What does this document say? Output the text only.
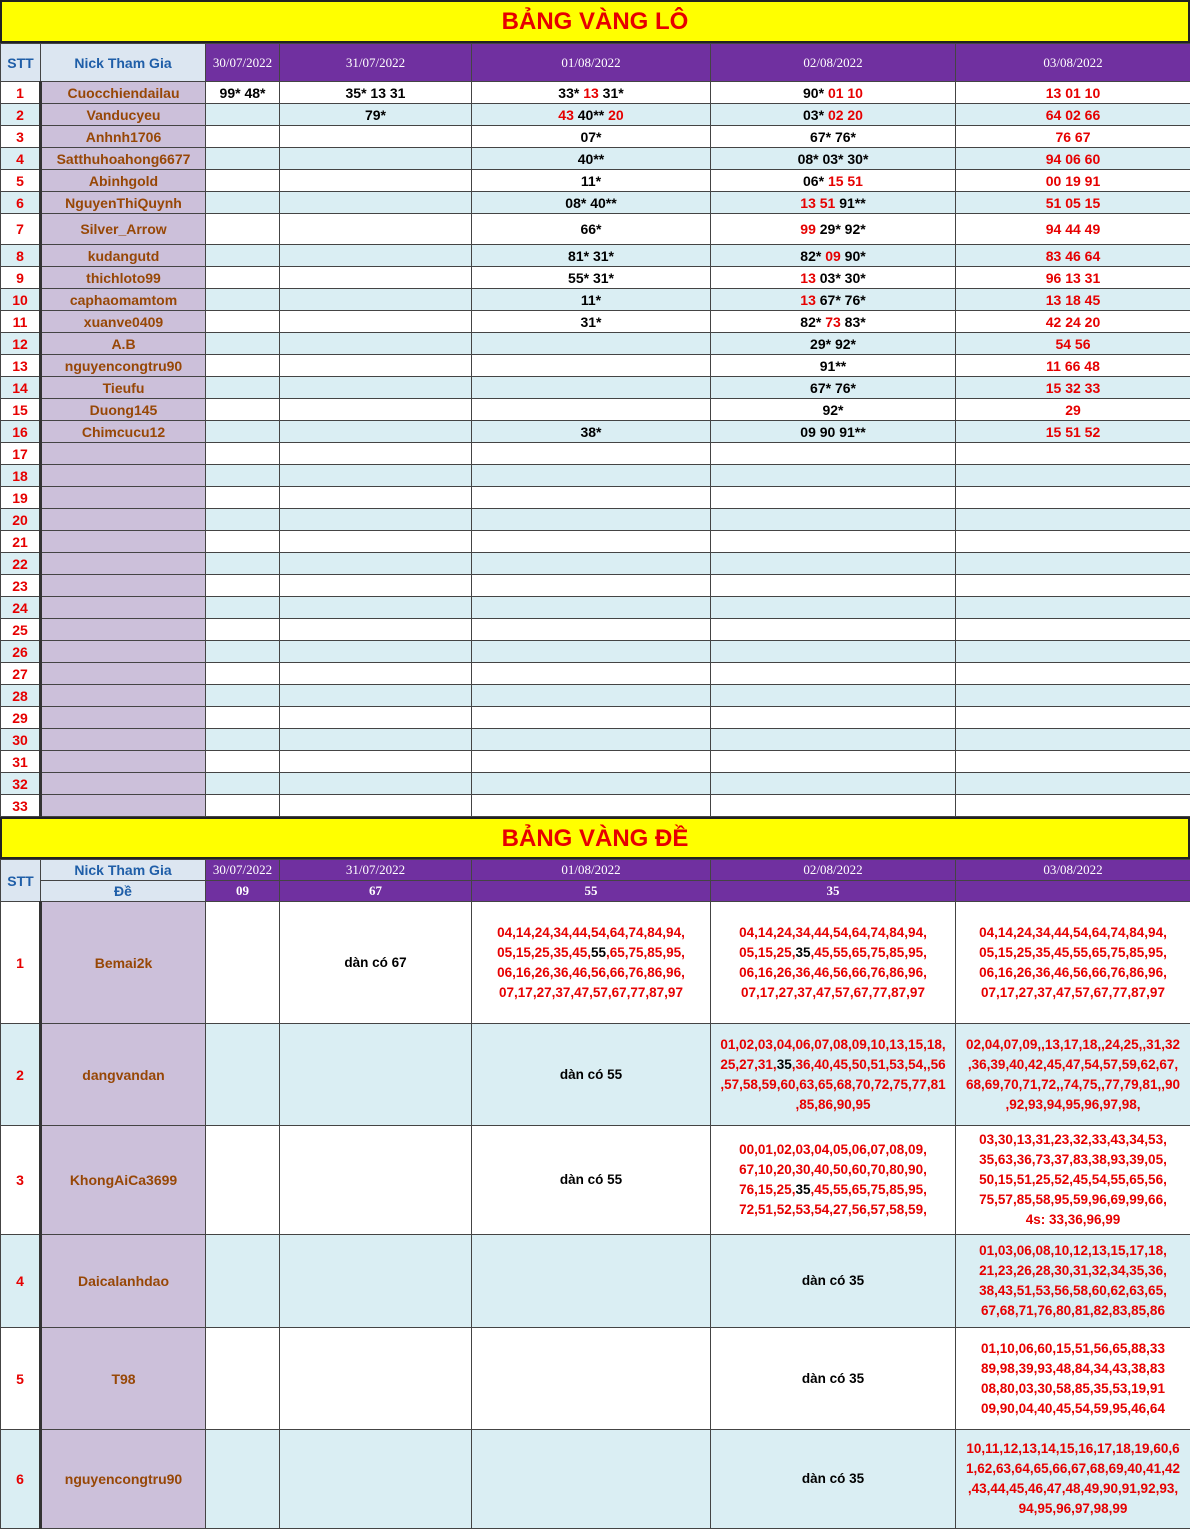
BẢNG VÀNG LÔ
STT	Nick Tham Gia	30/07/2022	31/07/2022	01/08/2022	02/08/2022	03/08/2022
1	Cuocchiendailau	99* 48*	35* 13 31	33* 13 31*	90* 01 10	13 01 10
2	Vanducyeu		79*	43 40** 20	03* 02 20	64 02 66
3	Anhnh1706			07*	67* 76*	76 67
4	Satthuhoahong6677			40**	08* 03* 30*	94 06 60
5	Abinhgold			11*	06* 15 51	00 19 91
6	NguyenThiQuynh			08* 40**	13 51 91**	51 05 15
7	Silver_Arrow			66*	99 29* 92*	94 44 49
8	kudangutd			81* 31*	82* 09 90*	83 46 64
9	thichloto99			55* 31*	13 03* 30*	96 13 31
10	caphaomamtom			11*	13 67* 76*	13 18 45
11	xuanve0409			31*	82* 73 83*	42 24 20
12	A.B				29* 92*	54 56
13	nguyencongtru90				91**	11 66 48
14	Tieufu				67* 76*	15 32 33
15	Duong145				92*	29
16	Chimcucu12			38*	09 90 91**	15 51 52
17						
18						
19						
20						
21						
22						
23						
24						
25						
26						
27						
28						
29						
30						
31						
32						
33						
BẢNG VÀNG ĐỀ
STT	Nick Tham Gia	30/07/2022	31/07/2022	01/08/2022	02/08/2022	03/08/2022
	Đề	09	67	55	35	
1	Bemai2k		dàn có 67	04,14,24,34,44,54,64,74,84,94,
05,15,25,35,45,55,65,75,85,95,
06,16,26,36,46,56,66,76,86,96,
07,17,27,37,47,57,67,77,87,97	04,14,24,34,44,54,64,74,84,94,
05,15,25,35,45,55,65,75,85,95,
06,16,26,36,46,56,66,76,86,96,
07,17,27,37,47,57,67,77,87,97	04,14,24,34,44,54,64,74,84,94,
05,15,25,35,45,55,65,75,85,95,
06,16,26,36,46,56,66,76,86,96,
07,17,27,37,47,57,67,77,87,97
2	dangvandan			dàn có 55	01,02,03,04,06,07,08,09,10,13,15,18,
25,27,31,35,36,40,45,50,51,53,54,,56
,57,58,59,60,63,65,68,70,72,75,77,81
,85,86,90,95	02,04,07,09,,13,17,18,,24,25,,31,32
,36,39,40,42,45,47,54,57,59,62,67,
68,69,70,71,72,,74,75,,77,79,81,,90
,92,93,94,95,96,97,98,
3	KhongAiCa3699			dàn có 55	00,01,02,03,04,05,06,07,08,09,
67,10,20,30,40,50,60,70,80,90,
76,15,25,35,45,55,65,75,85,95,
72,51,52,53,54,27,56,57,58,59,	03,30,13,31,23,32,33,43,34,53,
35,63,36,73,37,83,38,93,39,05,
50,15,51,25,52,45,54,55,65,56,
75,57,85,58,95,59,96,69,99,66,
4s: 33,36,96,99
4	Daicalanhdao				dàn có 35	01,03,06,08,10,12,13,15,17,18,
21,23,26,28,30,31,32,34,35,36,
38,43,51,53,56,58,60,62,63,65,
67,68,71,76,80,81,82,83,85,86
5	T98				dàn có 35	01,10,06,60,15,51,56,65,88,33
89,98,39,93,48,84,34,43,38,83
08,80,03,30,58,85,35,53,19,91
09,90,04,40,45,54,59,95,46,64
6	nguyencongtru90				dàn có 35	10,11,12,13,14,15,16,17,18,19,60,6
1,62,63,64,65,66,67,68,69,40,41,42
,43,44,45,46,47,48,49,90,91,92,93,
94,95,96,97,98,99
